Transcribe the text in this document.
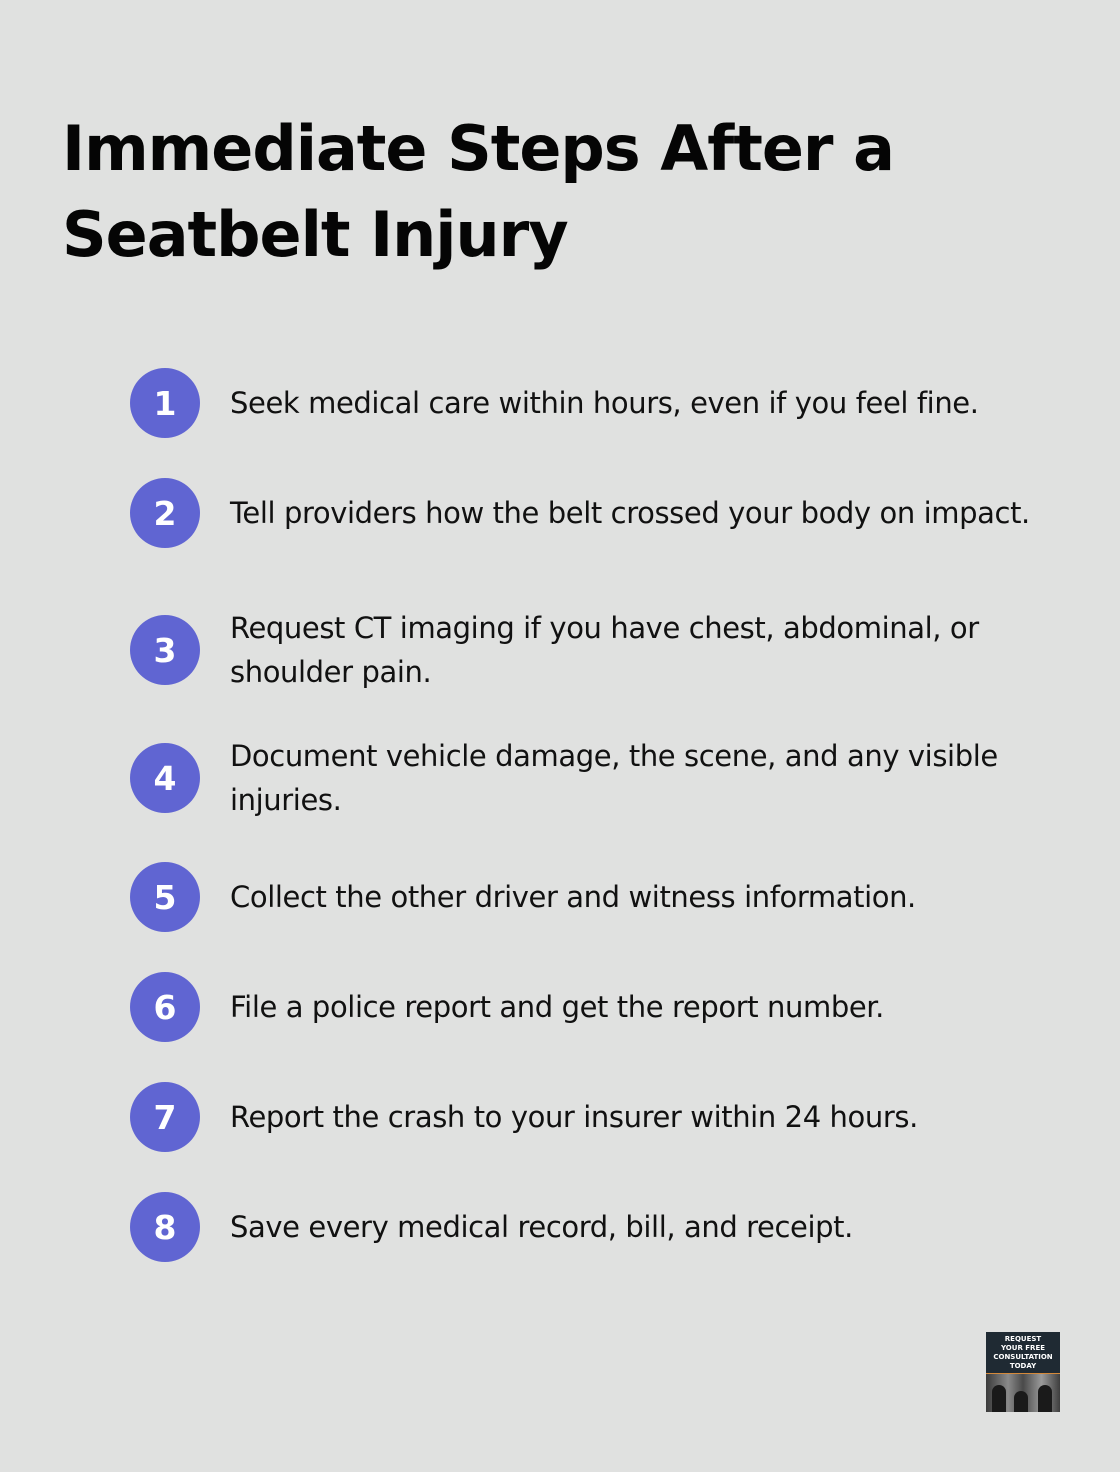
Immediate Steps After a Seatbelt Injury
1	Seek medical care within hours, even if you feel fine.
2	Tell providers how the belt crossed your body on impact.
3
Request CT imaging if you have chest, abdominal, or shoulder pain.
4
Document vehicle damage, the scene, and any visible injuries.
5	Collect the other driver and witness information.
6	File a police report and get the report number.
7	Report the crash to your insurer within 24 hours.
8	Save every medical record, bill, and receipt.
REQUEST
YOUR FREE
CONSULTATION
TODAY
